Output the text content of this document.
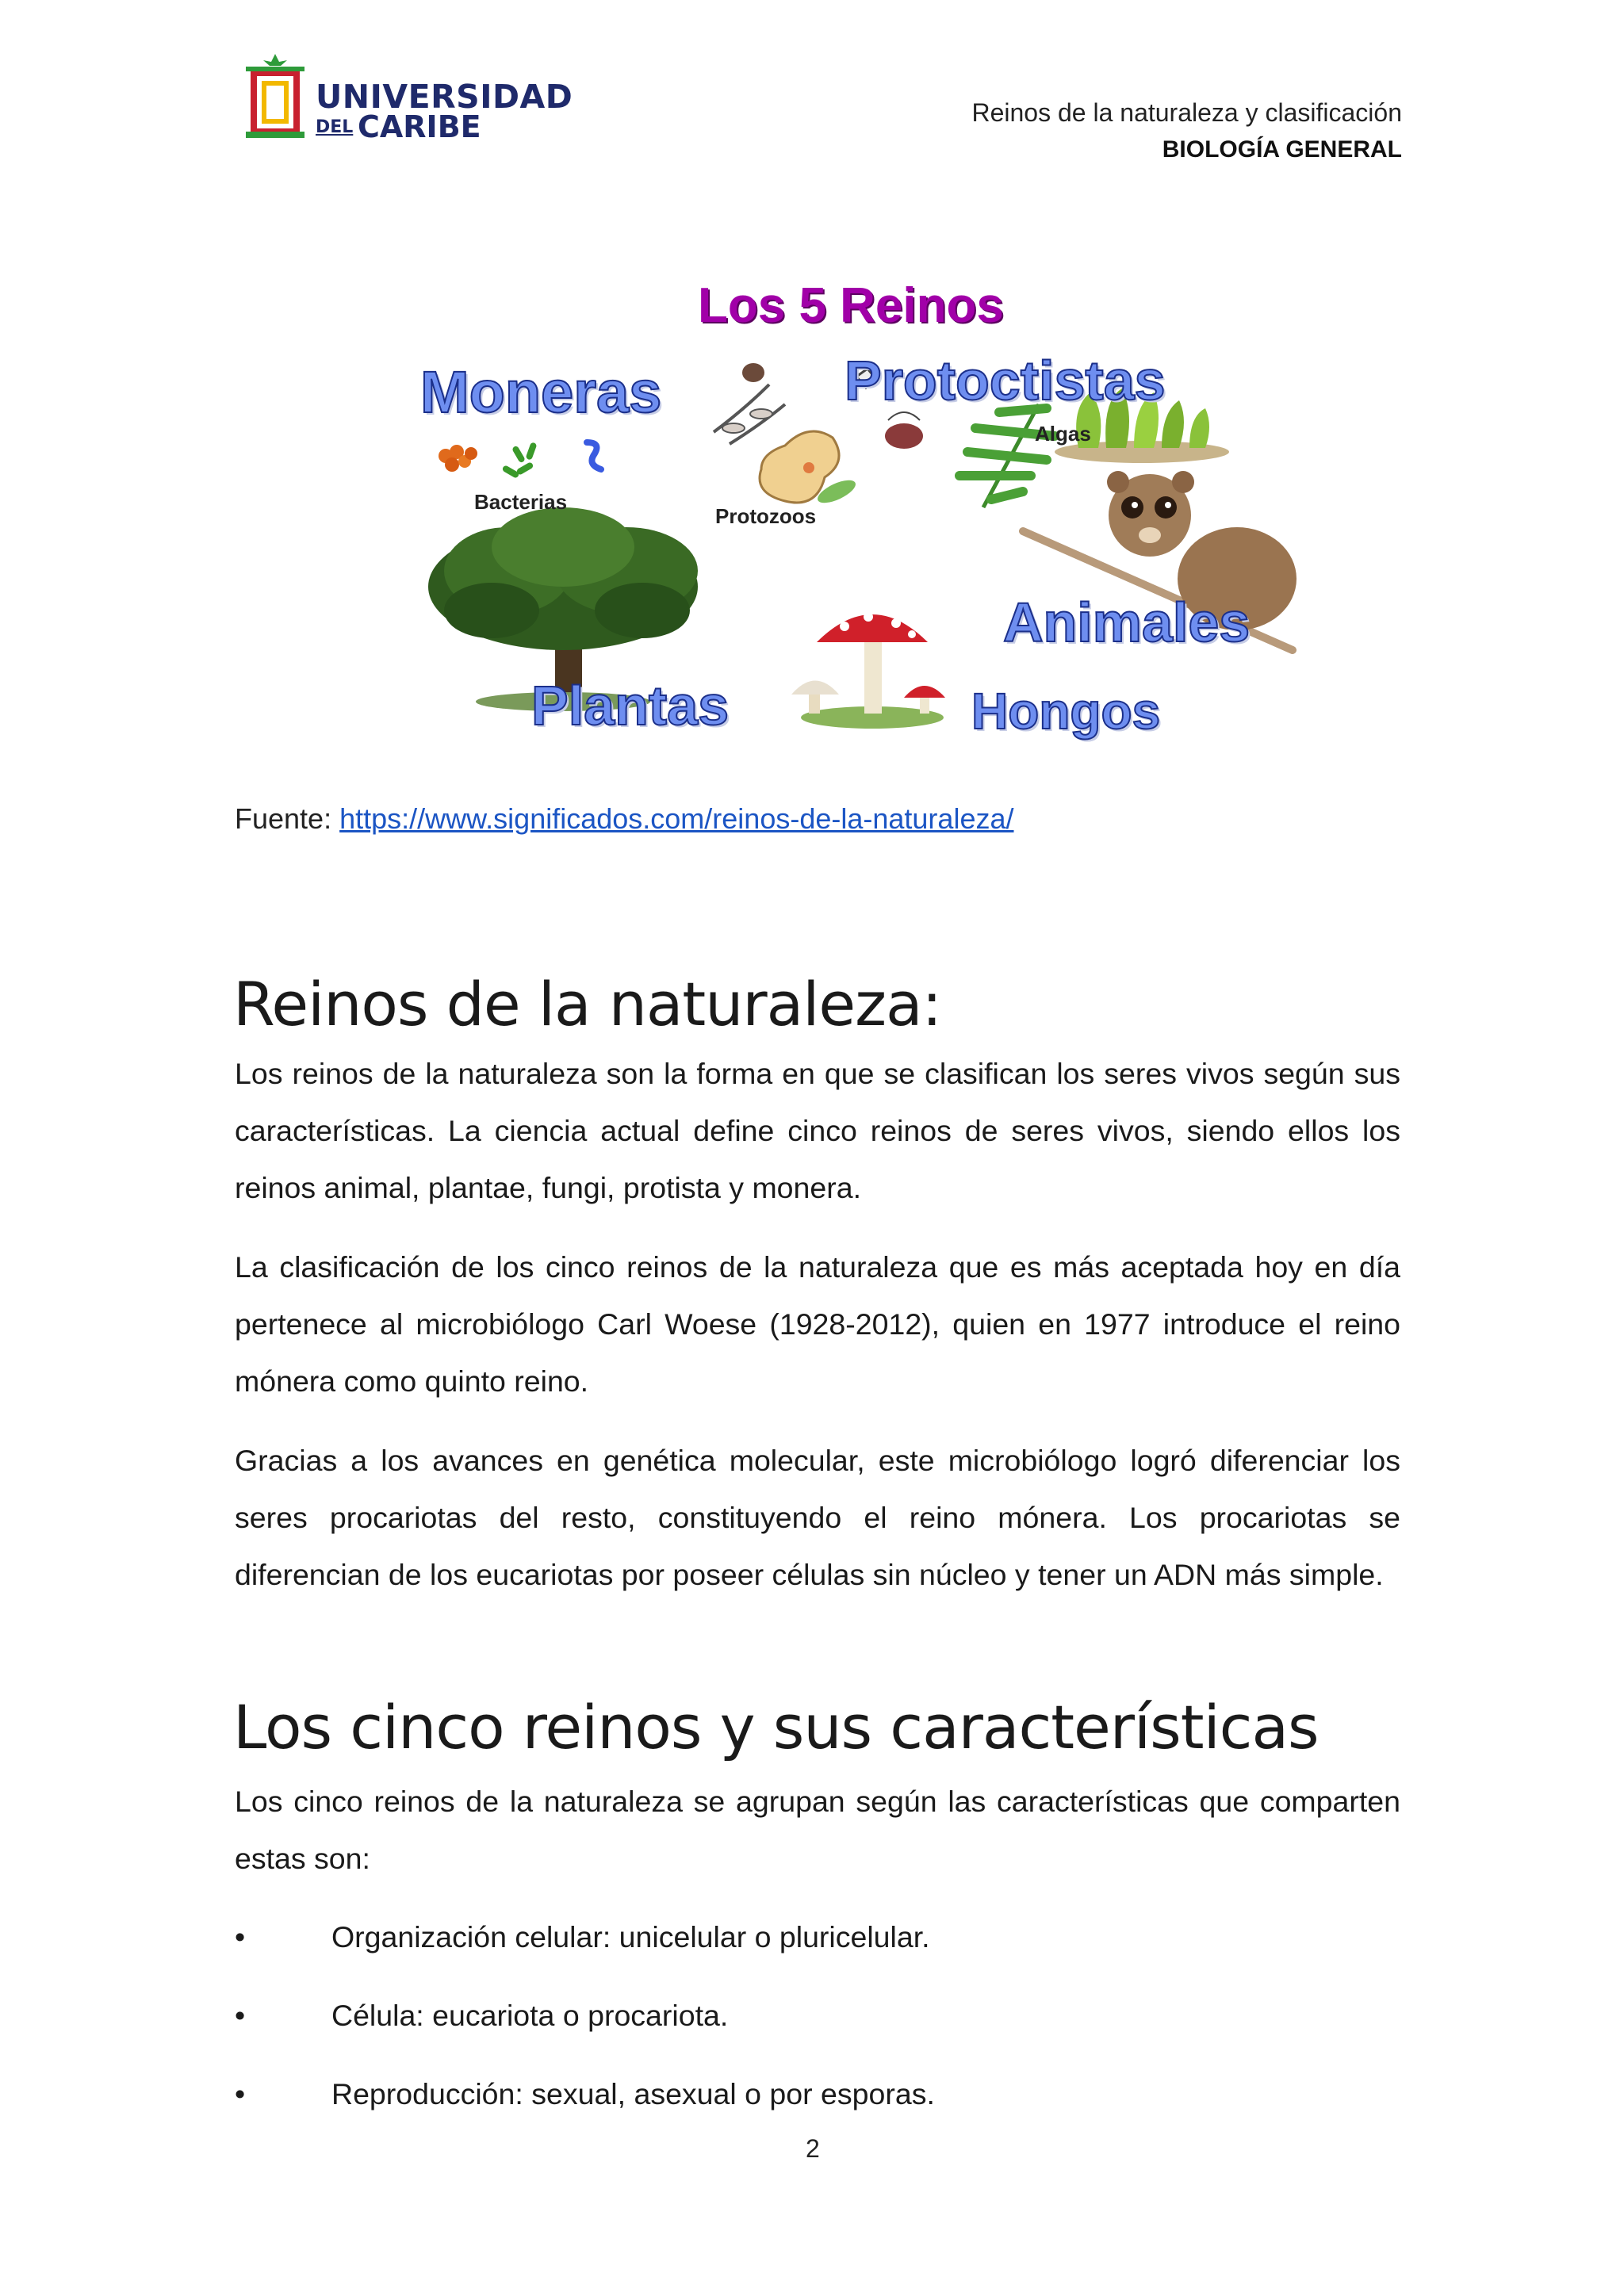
UNIVERSIDAD
DEL CARIBE	Reinos de la naturaleza y clasificación
BIOLOGÍA GENERAL
Los 5 Reinos
Moneras	Protoctistas
Animales
Plantas	Hongos
Bacterias
Protozoos
Algas
Fuente: https://www.significados.com/reinos-de-la-naturaleza/
Reinos de la naturaleza:

Los reinos de la naturaleza son la forma en que se clasifican los seres vivos según sus características. La ciencia actual define cinco reinos de seres vivos, siendo ellos los reinos animal, plantae, fungi, protista y monera.

La clasificación de los cinco reinos de la naturaleza que es más aceptada hoy en día pertenece al microbiólogo Carl Woese (1928-2012), quien en 1977 introduce el reino mónera como quinto reino.

Gracias a los avances en genética molecular, este microbiólogo logró diferenciar los seres procariotas del resto, constituyendo el reino mónera. Los procariotas se diferencian de los eucariotas por poseer células sin núcleo y tener un ADN más simple.

Los cinco reinos y sus características

Los cinco reinos de la naturaleza se agrupan según las características que comparten estas son:

•	Organización celular: unicelular o pluricelular.
•	Célula: eucariota o procariota.
•	Reproducción: sexual, asexual o por esporas.
2
